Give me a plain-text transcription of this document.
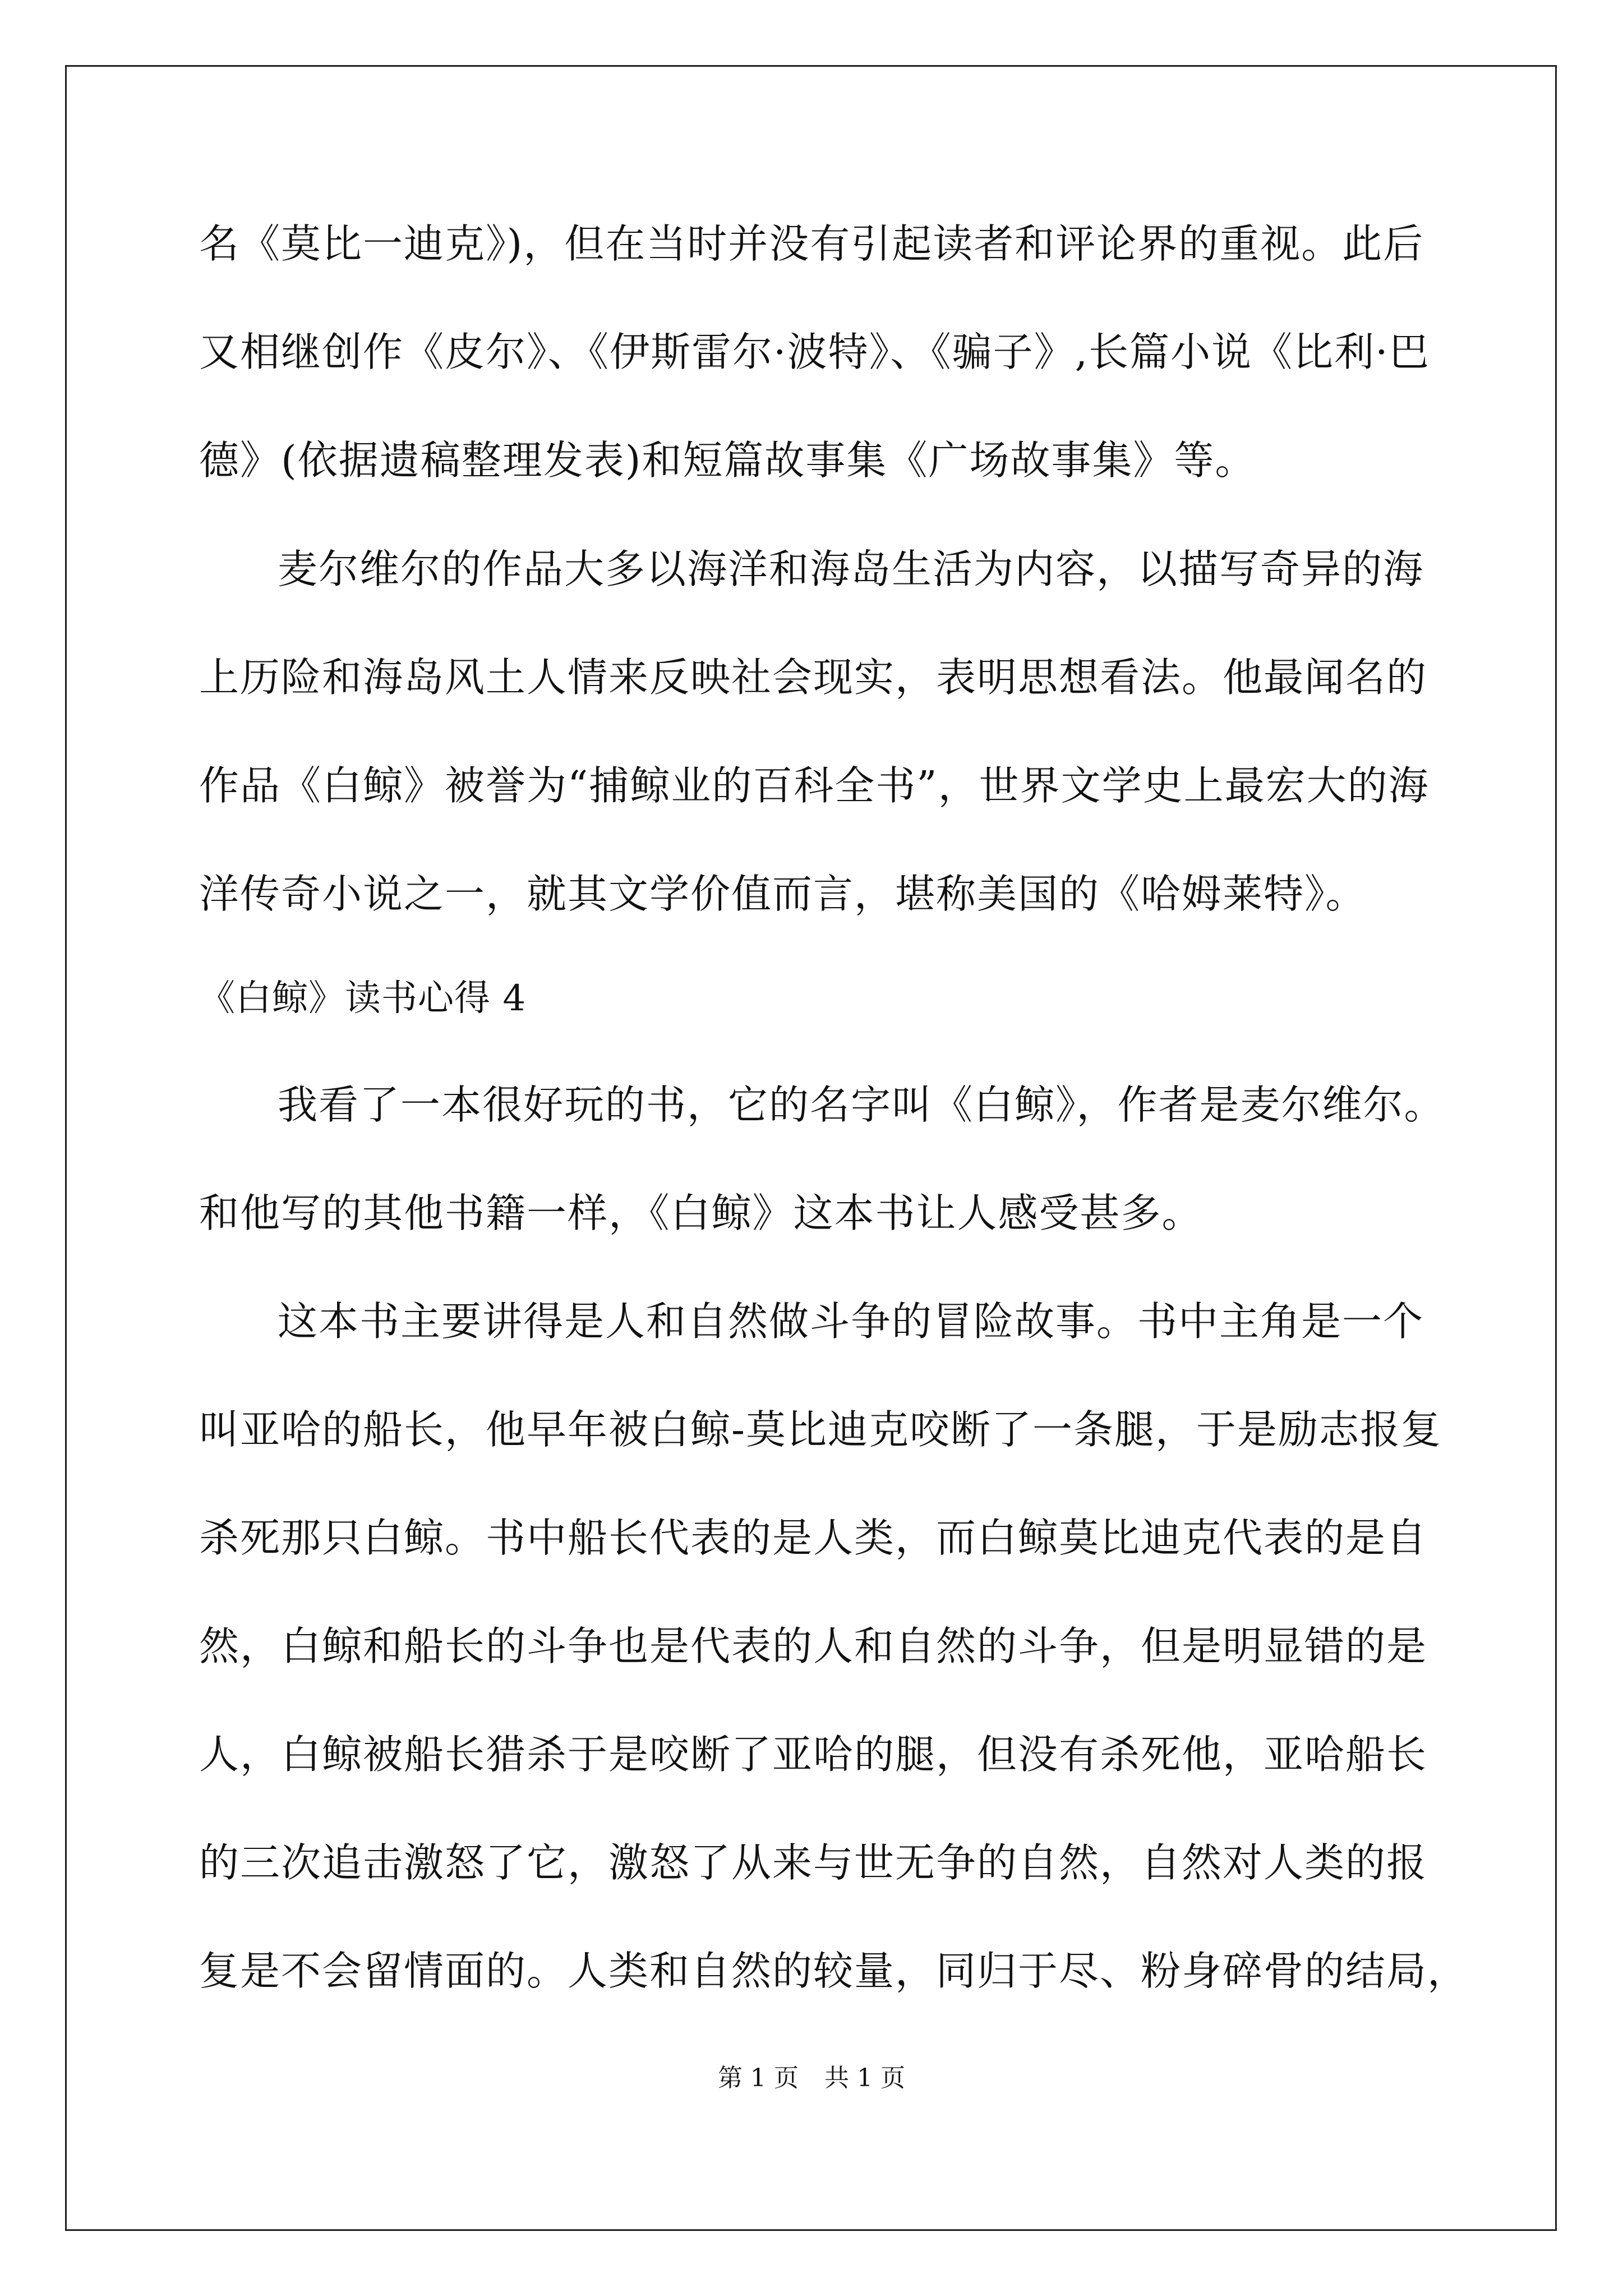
名《莫比一迪克》)，但在当时并没有引起读者和评论界的重视。此后
又相继创作《皮尔》、《伊斯雷尔·波特》、《骗子》,长篇小说《比利·巴
德》(依据遗稿整理发表)和短篇故事集《广场故事集》等。
麦尔维尔的作品大多以海洋和海岛生活为内容，以描写奇异的海
上历险和海岛风土人情来反映社会现实，表明思想看法。他最闻名的
作品《白鲸》被誉为“捕鲸业的百科全书”，世界文学史上最宏大的海
洋传奇小说之一，就其文学价值而言，堪称美国的《哈姆莱特》。
《白鲸》读书心得 4
我看了一本很好玩的书，它的名字叫《白鲸》，作者是麦尔维尔。
和他写的其他书籍一样，《白鲸》这本书让人感受甚多。
这本书主要讲得是人和自然做斗争的冒险故事。书中主角是一个
叫亚哈的船长，他早年被白鲸-莫比迪克咬断了一条腿，于是励志报复
杀死那只白鲸。书中船长代表的是人类，而白鲸莫比迪克代表的是自
然，白鲸和船长的斗争也是代表的人和自然的斗争，但是明显错的是
人，白鲸被船长猎杀于是咬断了亚哈的腿，但没有杀死他，亚哈船长
的三次追击激怒了它，激怒了从来与世无争的自然，自然对人类的报
复是不会留情面的。人类和自然的较量，同归于尽、粉身碎骨的结局，
第 1 页 共 1 页
